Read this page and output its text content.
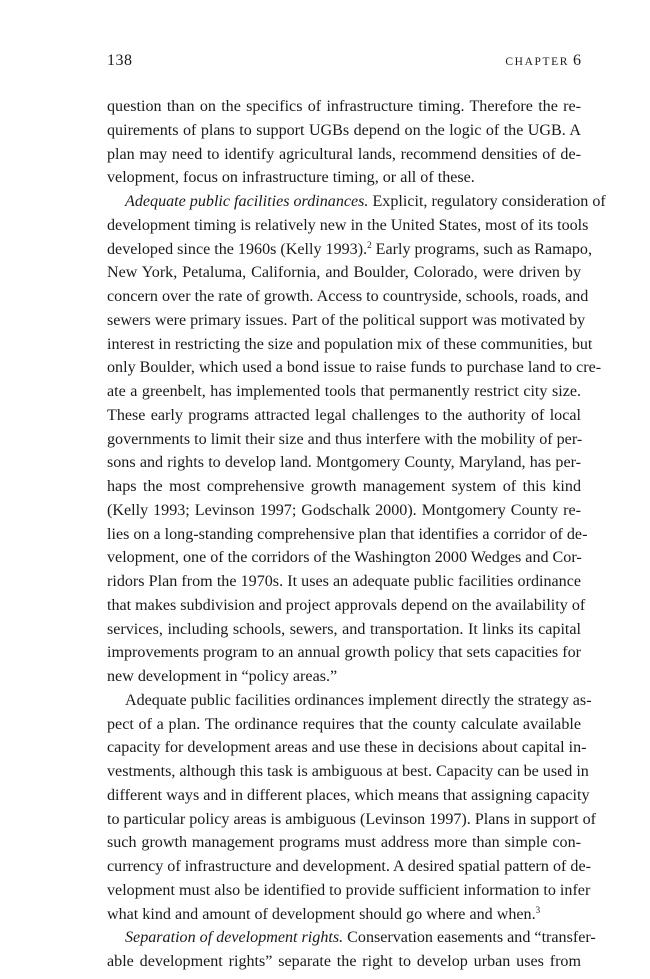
138	CHAPTER 6
question than on the specifics of infrastructure timing. Therefore the re-
quirements of plans to support UGBs depend on the logic of the UGB. A
plan may need to identify agricultural lands, recommend densities of de-
velopment, focus on infrastructure timing, or all of these.
Adequate public facilities ordinances. Explicit, regulatory consideration of
development timing is relatively new in the United States, most of its tools
developed since the 1960s (Kelly 1993).$^2$ Early programs, such as Ramapo,
New York, Petaluma, California, and Boulder, Colorado, were driven by
concern over the rate of growth. Access to countryside, schools, roads, and
sewers were primary issues. Part of the political support was motivated by
interest in restricting the size and population mix of these communities, but
only Boulder, which used a bond issue to raise funds to purchase land to cre-
ate a greenbelt, has implemented tools that permanently restrict city size.
These early programs attracted legal challenges to the authority of local
governments to limit their size and thus interfere with the mobility of per-
sons and rights to develop land. Montgomery County, Maryland, has per-
haps the most comprehensive growth management system of this kind
(Kelly 1993; Levinson 1997; Godschalk 2000). Montgomery County re-
lies on a long-standing comprehensive plan that identifies a corridor of de-
velopment, one of the corridors of the Washington 2000 Wedges and Cor-
ridors Plan from the 1970s. It uses an adequate public facilities ordinance
that makes subdivision and project approvals depend on the availability of
services, including schools, sewers, and transportation. It links its capital
improvements program to an annual growth policy that sets capacities for
new development in “policy areas.”
Adequate public facilities ordinances implement directly the strategy as-
pect of a plan. The ordinance requires that the county calculate available
capacity for development areas and use these in decisions about capital in-
vestments, although this task is ambiguous at best. Capacity can be used in
different ways and in different places, which means that assigning capacity
to particular policy areas is ambiguous (Levinson 1997). Plans in support of
such growth management programs must address more than simple con-
currency of infrastructure and development. A desired spatial pattern of de-
velopment must also be identified to provide sufficient information to infer
what kind and amount of development should go where and when.$^3$
Separation of development rights. Conservation easements and “transfer-
able development rights” separate the right to develop urban uses from
